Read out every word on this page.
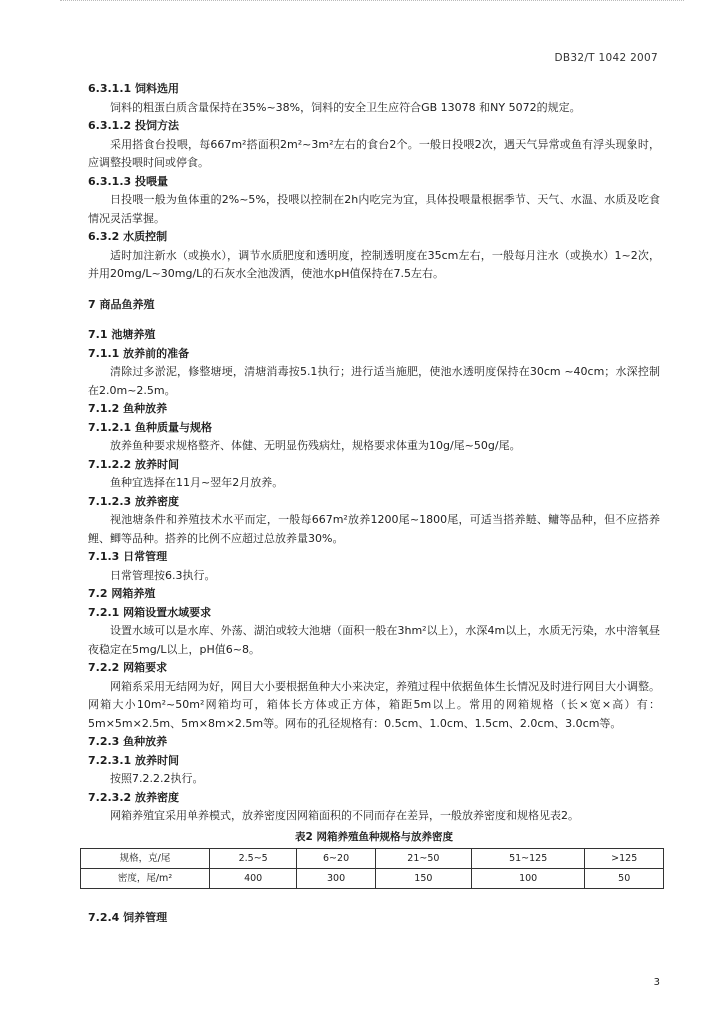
DB32/T 1042 2007
6.3.1.1 饲料选用
饲料的粗蛋白质含量保持在35%~38%，饲料的安全卫生应符合GB 13078 和NY 5072的规定。
6.3.1.2 投饲方法
采用搭食台投喂，每667m²搭面积2m²~3m²左右的食台2个。一般日投喂2次，遇天气异常或鱼有浮头现象时，应调整投喂时间或停食。
6.3.1.3 投喂量
日投喂一般为鱼体重的2%~5%，投喂以控制在2h内吃完为宜，具体投喂量根据季节、天气、水温、水质及吃食情况灵活掌握。
6.3.2 水质控制
适时加注新水（或换水），调节水质肥度和透明度，控制透明度在35cm左右，一般每月注水（或换水）1~2次，并用20mg/L~30mg/L的石灰水全池泼洒，使池水pH值保持在7.5左右。
7 商品鱼养殖
7.1 池塘养殖
7.1.1 放养前的准备
清除过多淤泥，修整塘埂，清塘消毒按5.1执行；进行适当施肥，使池水透明度保持在30cm ~40cm；水深控制在2.0m~2.5m。
7.1.2 鱼种放养
7.1.2.1 鱼种质量与规格
放养鱼种要求规格整齐、体健、无明显伤残病灶，规格要求体重为10g/尾~50g/尾。
7.1.2.2 放养时间
鱼种宜选择在11月~翌年2月放养。
7.1.2.3 放养密度
视池塘条件和养殖技术水平而定，一般每667m²放养1200尾~1800尾，可适当搭养鲢、鳙等品种，但不应搭养鲤、鲫等品种。搭养的比例不应超过总放养量30%。
7.1.3 日常管理
日常管理按6.3执行。
7.2 网箱养殖
7.2.1 网箱设置水域要求
设置水域可以是水库、外荡、湖泊或较大池塘（面积一般在3hm²以上），水深4m以上，水质无污染，水中溶氧昼夜稳定在5mg/L以上，pH值6~8。
7.2.2 网箱要求
网箱系采用无结网为好，网目大小要根据鱼种大小来决定，养殖过程中依据鱼体生长情况及时进行网目大小调整。网箱大小10m²~50m²网箱均可，箱体长方体或正方体，箱距5m以上。常用的网箱规格（长×宽×高）有：5m×5m×2.5m、5m×8m×2.5m等。网布的孔径规格有：0.5cm、1.0cm、1.5cm、2.0cm、3.0cm等。
7.2.3 鱼种放养
7.2.3.1 放养时间
按照7.2.2.2执行。
7.2.3.2 放养密度
网箱养殖宜采用单养模式，放养密度因网箱面积的不同而存在差异，一般放养密度和规格见表2。
表2 网箱养殖鱼种规格与放养密度
规格，克/尾	2.5~5	6~20	21~50	51~125	>125
密度，尾/m²	400	300	150	100	50
7.2.4 饲养管理
3
